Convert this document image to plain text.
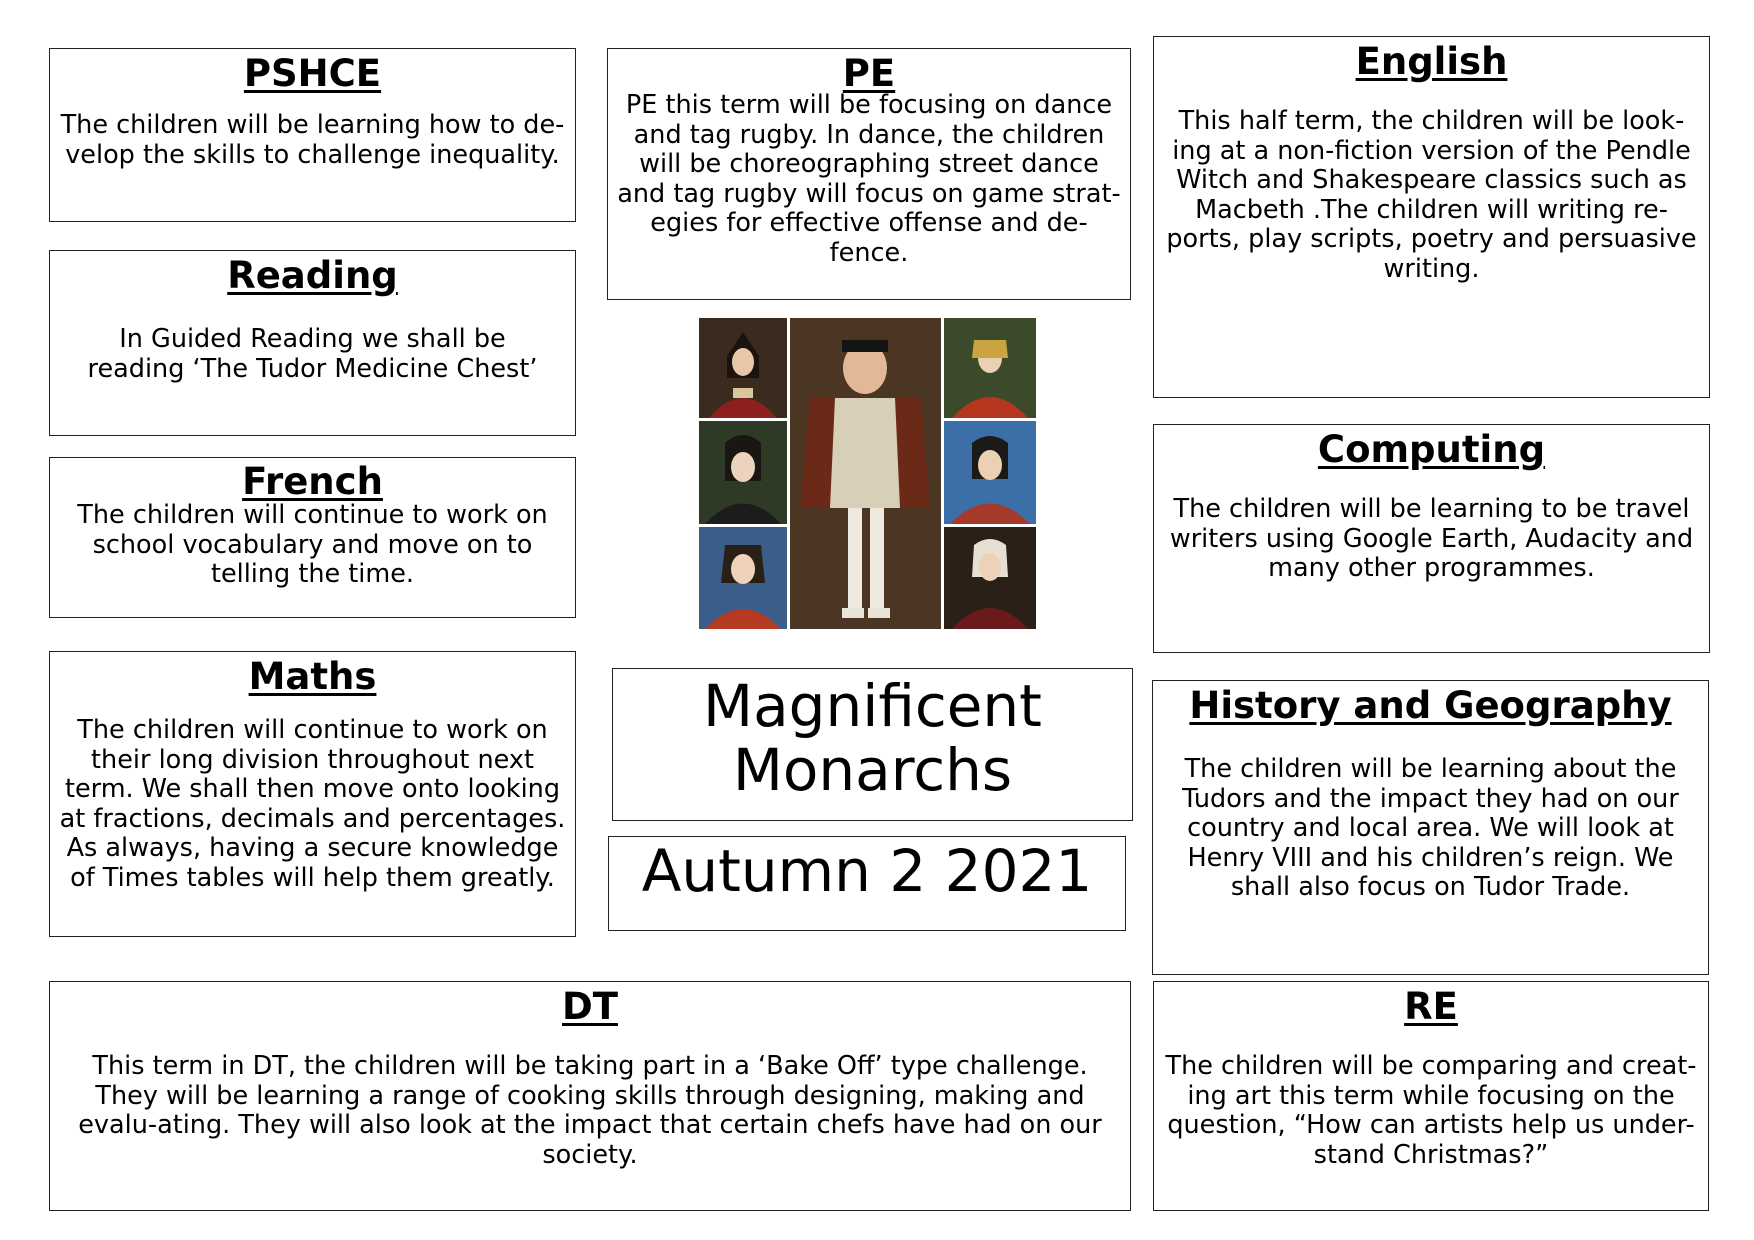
PSHCE

The children will be learning how to de-velop the skills to challenge inequality.

Reading

In Guided Reading we shall be reading ‘The Tudor Medicine Chest’

French

The children will continue to work on school vocabulary and move on to telling the time.

Maths

The children will continue to work on their long division throughout next term. We shall then move onto looking at fractions, decimals and percentages. As always, having a secure knowledge of Times tables will help them greatly.

PE

PE this term will be focusing on dance and tag rugby. In dance, the children will be choreographing street dance and tag rugby will focus on game strat-egies for effective offense and de-fence.

English

This half term, the children will be look-ing at a non-fiction version of the Pendle Witch and Shakespeare classics such as Macbeth .The children will writing re-ports, play scripts, poetry and persuasive writing.

Computing

The children will be learning to be travel writers using Google Earth, Audacity and many other programmes.

History and Geography

The children will be learning about the Tudors and the impact they had on our country and local area. We will look at Henry VIII and his children’s reign. We shall also focus on Tudor Trade.

DT

This term in DT, the children will be taking part in a ‘Bake Off’ type challenge. They will be learning a range of cooking skills through designing, making and evalu-ating. They will also look at the impact that certain chefs have had on our society.

RE

The children will be comparing and creat-ing art this term while focusing on the question, “How can artists help us under-stand Christmas?”

Magnificent
Monarchs
Autumn 2 2021
